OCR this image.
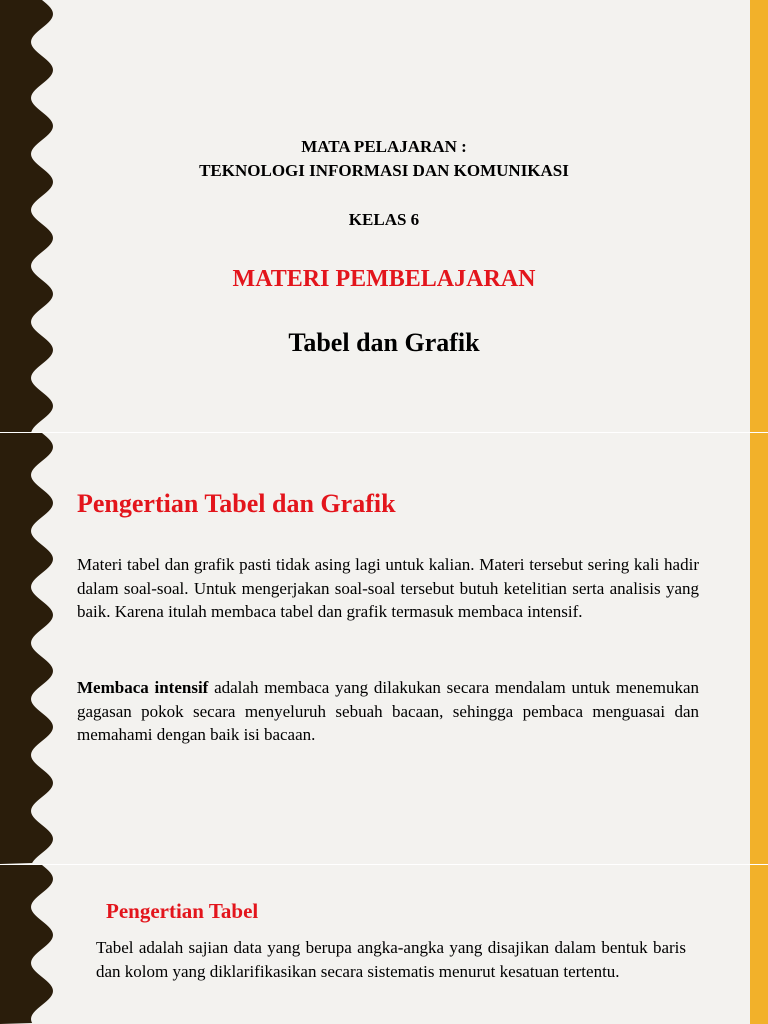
MATA PELAJARAN :
TEKNOLOGI INFORMASI DAN KOMUNIKASI
KELAS 6
MATERI PEMBELAJARAN
Tabel dan Grafik
Pengertian Tabel dan Grafik
Materi tabel dan grafik pasti tidak asing lagi untuk kalian. Materi tersebut sering kali hadir dalam soal-soal. Untuk mengerjakan soal-soal tersebut butuh ketelitian serta analisis yang baik. Karena itulah membaca tabel dan grafik termasuk membaca intensif.
Membaca intensif adalah membaca yang dilakukan secara mendalam untuk menemukan gagasan pokok secara menyeluruh sebuah bacaan, sehingga pembaca menguasai dan memahami dengan baik isi bacaan.
Pengertian Tabel
Tabel adalah sajian data yang berupa angka-angka yang disajikan dalam bentuk baris dan kolom yang diklarifikasikan secara sistematis menurut kesatuan tertentu.
